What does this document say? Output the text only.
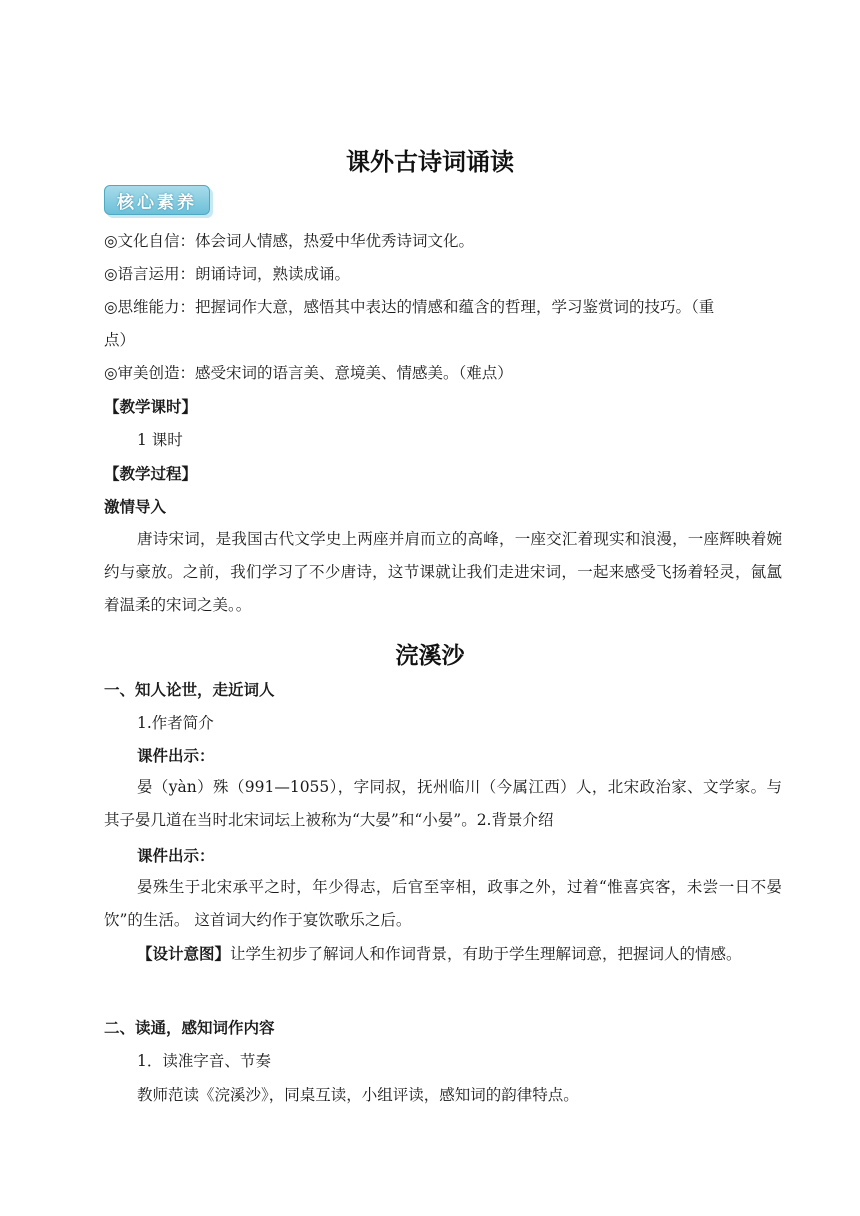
课外古诗词诵读
核心素养
◎文化自信：体会词人情感，热爱中华优秀诗词文化。
◎语言运用：朗诵诗词，熟读成诵。
◎思维能力：把握词作大意，感悟其中表达的情感和蕴含的哲理，学习鉴赏词的技巧。（重
点）
◎审美创造：感受宋词的语言美、意境美、情感美。（难点）
【教学课时】
1 课时
【教学过程】
激情导入

唐诗宋词，是我国古代文学史上两座并肩而立的高峰，一座交汇着现实和浪漫，一座辉映着婉约与豪放。之前，我们学习了不少唐诗，这节课就让我们走进宋词，一起来感受飞扬着轻灵，氤氲着温柔的宋词之美。。

浣溪沙
一、知人论世，走近词人
1.作者简介
课件出示：

晏（yàn）殊（991—1055），字同叔，抚州临川（今属江西）人，北宋政治家、文学家。与其子晏几道在当时北宋词坛上被称为“大晏”和“小晏”。2.背景介绍

课件出示：

晏殊生于北宋承平之时，年少得志，后官至宰相，政事之外，过着“惟喜宾客，未尝一日不晏饮”的生活。 这首词大约作于宴饮歌乐之后。

【设计意图】让学生初步了解词人和作词背景，有助于学生理解词意，把握词人的情感。

二、读通，感知词作内容
1．读准字音、节奏
教师范读《浣溪沙》，同桌互读，小组评读，感知词的韵律特点。
